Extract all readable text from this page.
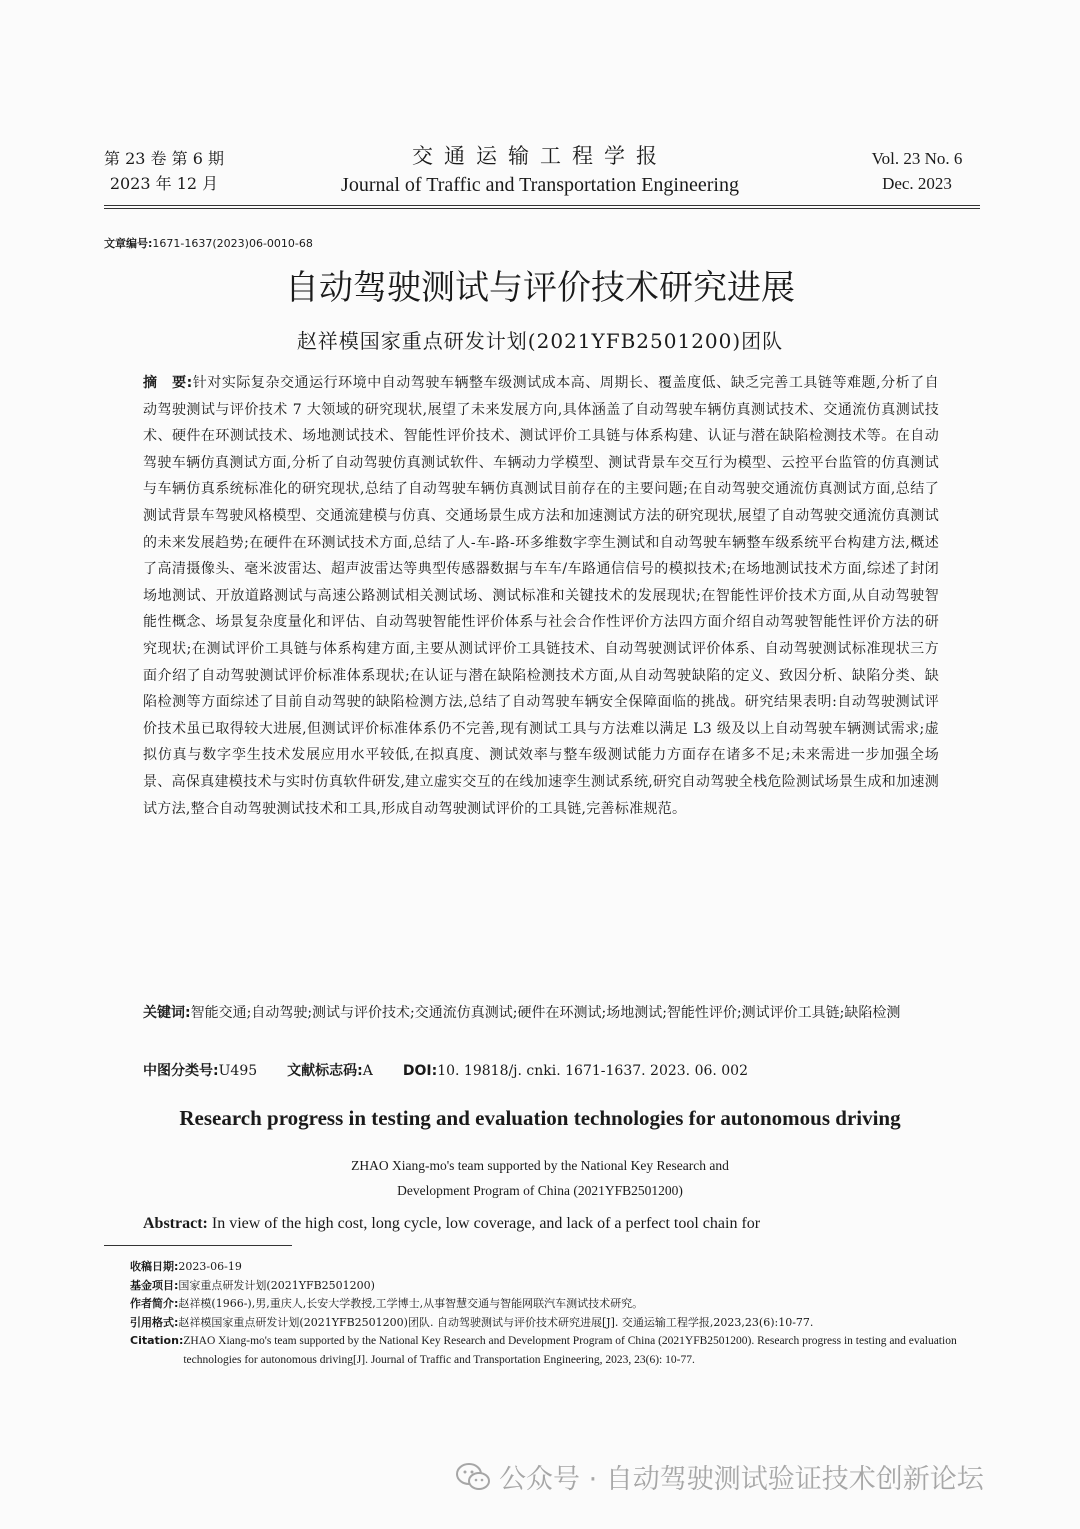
第 23 卷 第 6 期
2023 年 12 月
交通运输工程学报
Journal of Traffic and Transportation Engineering
Vol. 23 No. 6
Dec. 2023
文章编号:1671-1637(2023)06-0010-68
自动驾驶测试与评价技术研究进展
赵祥模国家重点研发计划(2021YFB2501200)团队
摘　要:针对实际复杂交通运行环境中自动驾驶车辆整车级测试成本高、周期长、覆盖度低、缺乏完善工具链等难题,分析了自动驾驶测试与评价技术 7 大领域的研究现状,展望了未来发展方向,具体涵盖了自动驾驶车辆仿真测试技术、交通流仿真测试技术、硬件在环测试技术、场地测试技术、智能性评价技术、测试评价工具链与体系构建、认证与潜在缺陷检测技术等。在自动驾驶车辆仿真测试方面,分析了自动驾驶仿真测试软件、车辆动力学模型、测试背景车交互行为模型、云控平台监管的仿真测试与车辆仿真系统标准化的研究现状,总结了自动驾驶车辆仿真测试目前存在的主要问题;在自动驾驶交通流仿真测试方面,总结了测试背景车驾驶风格模型、交通流建模与仿真、交通场景生成方法和加速测试方法的研究现状,展望了自动驾驶交通流仿真测试的未来发展趋势;在硬件在环测试技术方面,总结了人-车-路-环多维数字孪生测试和自动驾驶车辆整车级系统平台构建方法,概述了高清摄像头、毫米波雷达、超声波雷达等典型传感器数据与车车/车路通信信号的模拟技术;在场地测试技术方面,综述了封闭场地测试、开放道路测试与高速公路测试相关测试场、测试标准和关键技术的发展现状;在智能性评价技术方面,从自动驾驶智能性概念、场景复杂度量化和评估、自动驾驶智能性评价体系与社会合作性评价方法四方面介绍自动驾驶智能性评价方法的研究现状;在测试评价工具链与体系构建方面,主要从测试评价工具链技术、自动驾驶测试评价体系、自动驾驶测试标准现状三方面介绍了自动驾驶测试评价标准体系现状;在认证与潜在缺陷检测技术方面,从自动驾驶缺陷的定义、致因分析、缺陷分类、缺陷检测等方面综述了目前自动驾驶的缺陷检测方法,总结了自动驾驶车辆安全保障面临的挑战。研究结果表明:自动驾驶测试评价技术虽已取得较大进展,但测试评价标准体系仍不完善,现有测试工具与方法难以满足 L3 级及以上自动驾驶车辆测试需求;虚拟仿真与数字孪生技术发展应用水平较低,在拟真度、测试效率与整车级测试能力方面存在诸多不足;未来需进一步加强全场景、高保真建模技术与实时仿真软件研发,建立虚实交互的在线加速孪生测试系统,研究自动驾驶全栈危险测试场景生成和加速测试方法,整合自动驾驶测试技术和工具,形成自动驾驶测试评价的工具链,完善标准规范。
关键词:智能交通;自动驾驶;测试与评价技术;交通流仿真测试;硬件在环测试;场地测试;智能性评价;测试评价工具链;缺陷检测
中图分类号:U495 文献标志码:A DOI:10. 19818/j. cnki. 1671-1637. 2023. 06. 002
Research progress in testing and evaluation technologies for autonomous driving
ZHAO Xiang-mo's team supported by the National Key Research and
Development Program of China (2021YFB2501200)
Abstract: In view of the high cost, long cycle, low coverage, and lack of a perfect tool chain for
收稿日期:2023-06-19
基金项目:国家重点研发计划(2021YFB2501200)
作者简介:赵祥模(1966-),男,重庆人,长安大学教授,工学博士,从事智慧交通与智能网联汽车测试技术研究。
引用格式:赵祥模国家重点研发计划(2021YFB2501200)团队. 自动驾驶测试与评价技术研究进展[J]. 交通运输工程学报,2023,23(6):10-77.
Citation: ZHAO Xiang-mo's team supported by the National Key Research and Development Program of China (2021YFB2501200). Research progress in testing and evaluation technologies for autonomous driving[J]. Journal of Traffic and Transportation Engineering, 2023, 23(6): 10-77.
公众号 · 自动驾驶测试验证技术创新论坛
